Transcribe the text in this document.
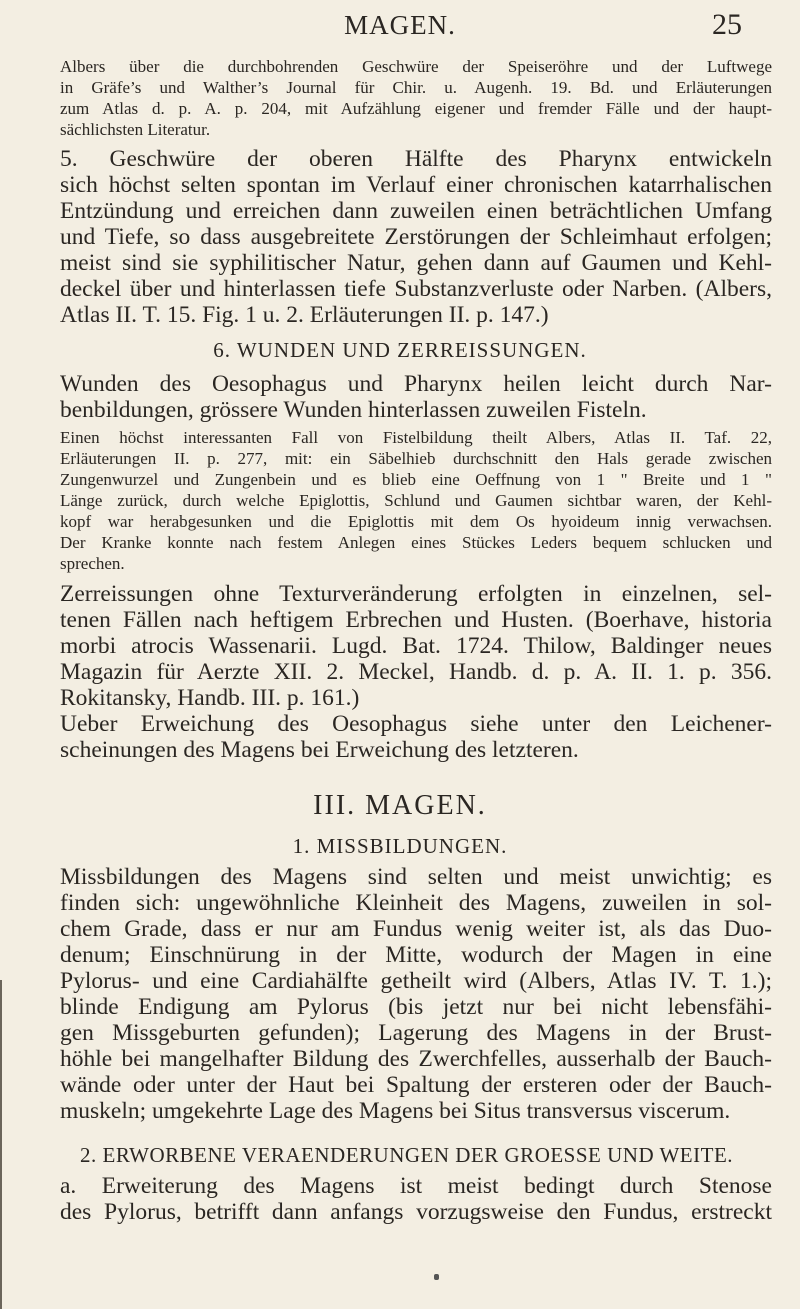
MAGEN.	25
Albers über die durchbohrenden Geschwüre der Speiseröhre und der Luftwege
in Gräfe’s und Walther’s Journal für Chir. u. Augenh. 19. Bd. und Erläuterungen
zum Atlas d. p. A. p. 204, mit Aufzählung eigener und fremder Fälle und der haupt-
sächlichsten Literatur.
5. Geschwüre der oberen Hälfte des Pharynx entwickeln
sich höchst selten spontan im Verlauf einer chronischen katarrhalischen
Entzündung und erreichen dann zuweilen einen beträchtlichen Umfang
und Tiefe, so dass ausgebreitete Zerstörungen der Schleimhaut erfolgen;
meist sind sie syphilitischer Natur, gehen dann auf Gaumen und Kehl-
deckel über und hinterlassen tiefe Substanzverluste oder Narben. (Albers,
Atlas II. T. 15. Fig. 1 u. 2. Erläuterungen II. p. 147.)
6. WUNDEN UND ZERREISSUNGEN.
Wunden des Oesophagus und Pharynx heilen leicht durch Nar-
benbildungen, grössere Wunden hinterlassen zuweilen Fisteln.
Einen höchst interessanten Fall von Fistelbildung theilt Albers, Atlas II. Taf. 22,
Erläuterungen II. p. 277, mit: ein Säbelhieb durchschnitt den Hals gerade zwischen
Zungenwurzel und Zungenbein und es blieb eine Oeffnung von 1 " Breite und 1 "
Länge zurück, durch welche Epiglottis, Schlund und Gaumen sichtbar waren, der Kehl-
kopf war herabgesunken und die Epiglottis mit dem Os hyoideum innig verwachsen.
Der Kranke konnte nach festem Anlegen eines Stückes Leders bequem schlucken und
sprechen.
Zerreissungen ohne Texturveränderung erfolgten in einzelnen, sel-
tenen Fällen nach heftigem Erbrechen und Husten. (Boerhave, historia
morbi atrocis Wassenarii. Lugd. Bat. 1724. Thilow, Baldinger neues
Magazin für Aerzte XII. 2. Meckel, Handb. d. p. A. II. 1. p. 356.
Rokitansky, Handb. III. p. 161.)
Ueber Erweichung des Oesophagus siehe unter den Leichener-
scheinungen des Magens bei Erweichung des letzteren.
III. MAGEN.
1. MISSBILDUNGEN.
Missbildungen des Magens sind selten und meist unwichtig; es
finden sich: ungewöhnliche Kleinheit des Magens, zuweilen in sol-
chem Grade, dass er nur am Fundus wenig weiter ist, als das Duo-
denum; Einschnürung in der Mitte, wodurch der Magen in eine
Pylorus- und eine Cardiahälfte getheilt wird (Albers, Atlas IV. T. 1.);
blinde Endigung am Pylorus (bis jetzt nur bei nicht lebensfähi-
gen Missgeburten gefunden); Lagerung des Magens in der Brust-
höhle bei mangelhafter Bildung des Zwerchfelles, ausserhalb der Bauch-
wände oder unter der Haut bei Spaltung der ersteren oder der Bauch-
muskeln; umgekehrte Lage des Magens bei Situs transversus viscerum.
2. ERWORBENE VERAENDERUNGEN DER GROESSE UND WEITE.
a. Erweiterung des Magens ist meist bedingt durch Stenose
des Pylorus, betrifft dann anfangs vorzugsweise den Fundus, erstreckt
